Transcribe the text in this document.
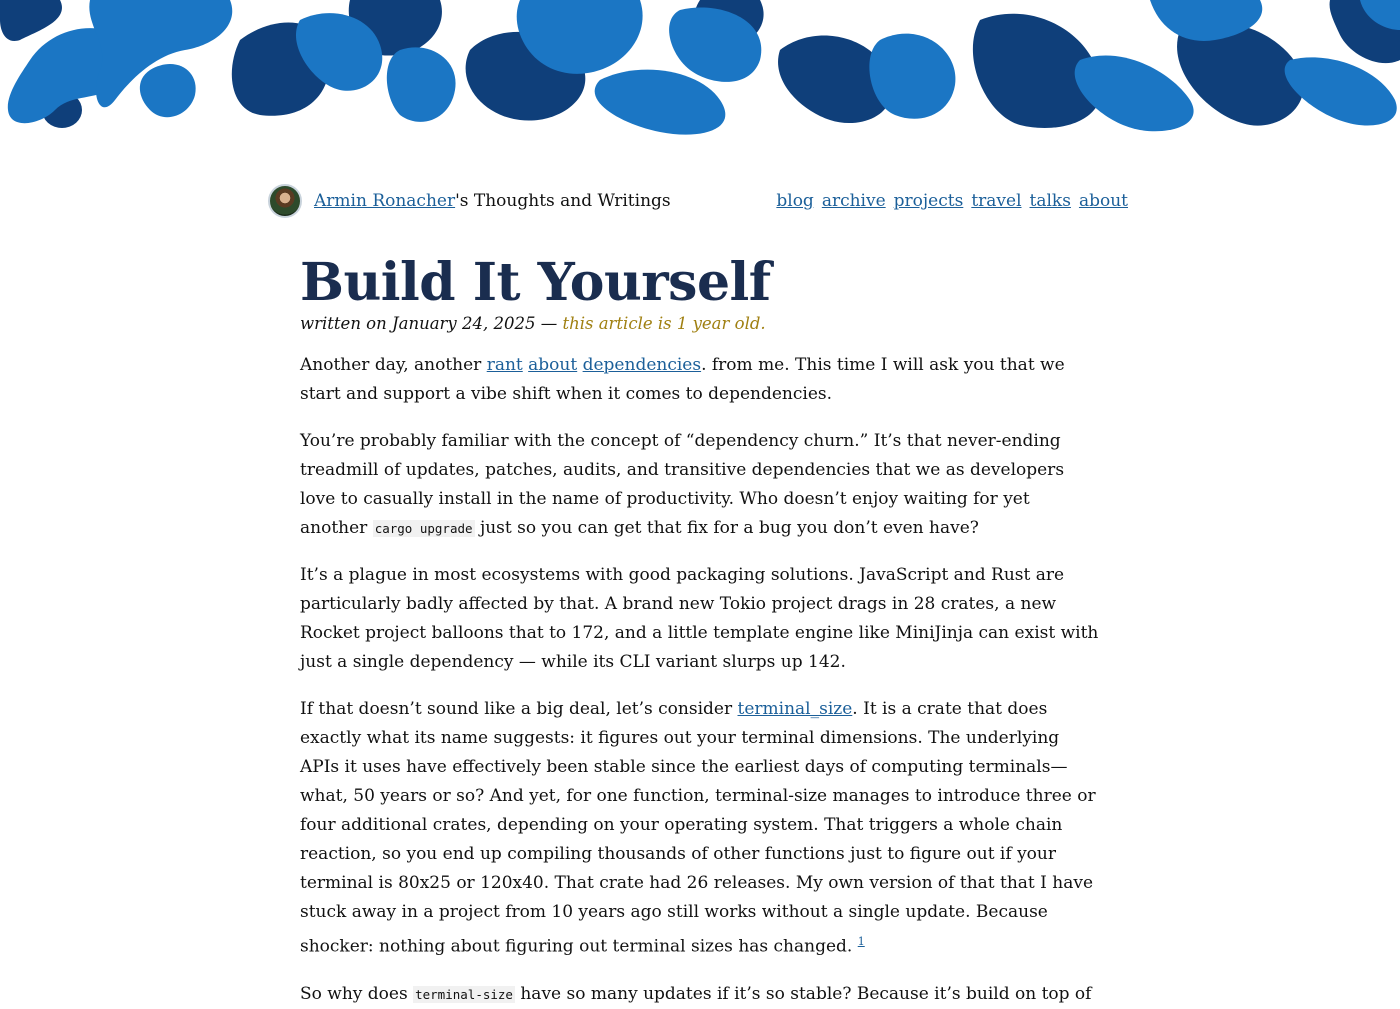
Armin Ronacher's Thoughts and Writings	blog archive projects travel talks about
Build It Yourself
written on January 24, 2025 — this article is 1 year old.

Another day, another rant about dependencies. from me. This time I will ask you that we start and support a vibe shift when it comes to dependencies.

You’re probably familiar with the concept of “dependency churn.” It’s that never-ending treadmill of updates, patches, audits, and transitive dependencies that we as developers love to casually install in the name of productivity. Who doesn’t enjoy waiting for yet another cargo upgrade just so you can get that fix for a bug you don’t even have?

It’s a plague in most ecosystems with good packaging solutions. JavaScript and Rust are particularly badly affected by that. A brand new Tokio project drags in 28 crates, a new Rocket project balloons that to 172, and a little template engine like MiniJinja can exist with just a single dependency — while its CLI variant slurps up 142.

If that doesn’t sound like a big deal, let’s consider terminal_size. It is a crate that does exactly what its name suggests: it figures out your terminal dimensions. The underlying APIs it uses have effectively been stable since the earliest days of computing terminals—what, 50 years or so? And yet, for one function, terminal-size manages to introduce three or four additional crates, depending on your operating system. That triggers a whole chain reaction, so you end up compiling thousands of other functions just to figure out if your terminal is 80x25 or 120x40. That crate had 26 releases. My own version of that that I have stuck away in a project from 10 years ago still works without a single update. Because shocker: nothing about figuring out terminal sizes has changed. $^1$

So why does terminal-size have so many updates if it’s so stable? Because it’s build on top of
